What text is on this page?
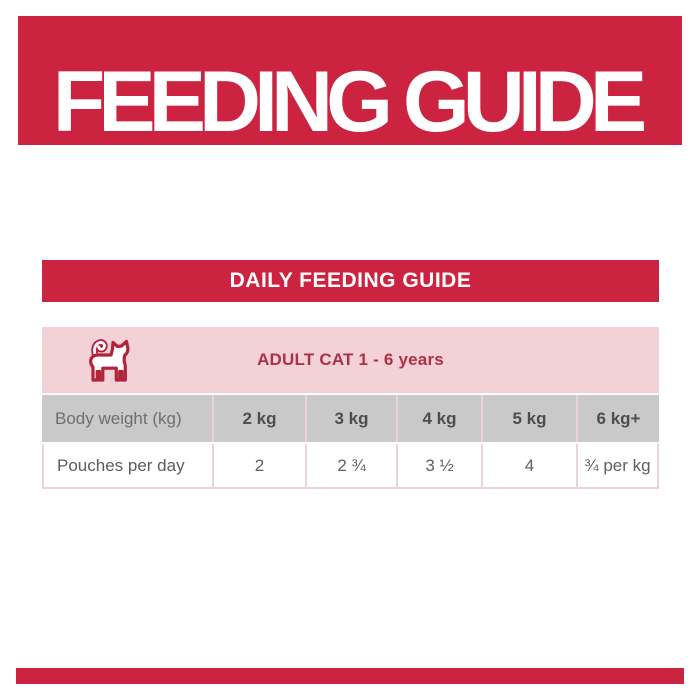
FEEDING GUIDE
DAILY FEEDING GUIDE
ADULT CAT 1 - 6 years
Body weight (kg)	2 kg	3 kg	4 kg	5 kg	6 kg+
Pouches per day	2	2 ¾	3 ½	4	¾ per kg
